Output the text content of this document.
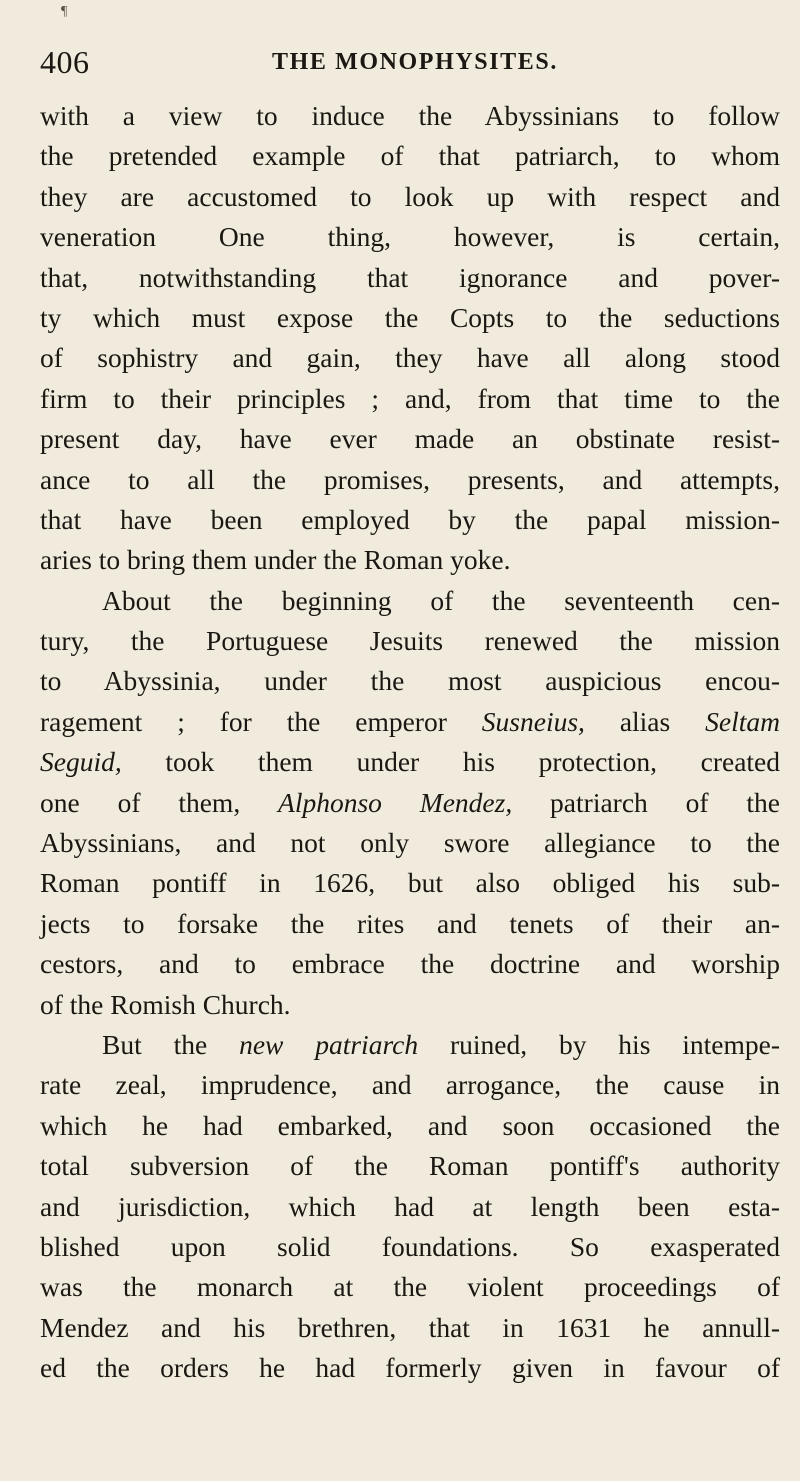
¶
406	THE MONOPHYSITES.
with a view to induce the Abyssinians to follow
the pretended example of that patriarch, to whom
they are accustomed to look up with respect and
veneration One thing, however, is certain,
that, notwithstanding that ignorance and pover-
ty which must expose the Copts to the seductions
of sophistry and gain, they have all along stood
firm to their principles ; and, from that time to the
present day, have ever made an obstinate resist-
ance to all the promises, presents, and attempts,
that have been employed by the papal mission-
aries to bring them under the Roman yoke.
About the beginning of the seventeenth cen-
tury, the Portuguese Jesuits renewed the mission
to Abyssinia, under the most auspicious encou-
ragement ; for the emperor Susneius, alias Seltam
Seguid, took them under his protection, created
one of them, Alphonso Mendez, patriarch of the
Abyssinians, and not only swore allegiance to the
Roman pontiff in 1626, but also obliged his sub-
jects to forsake the rites and tenets of their an-
cestors, and to embrace the doctrine and worship
of the Romish Church.
But the new patriarch ruined, by his intempe-
rate zeal, imprudence, and arrogance, the cause in
which he had embarked, and soon occasioned the
total subversion of the Roman pontiff's authority
and jurisdiction, which had at length been esta-
blished upon solid foundations. So exasperated
was the monarch at the violent proceedings of
Mendez and his brethren, that in 1631 he annull-
ed the orders he had formerly given in favour of
